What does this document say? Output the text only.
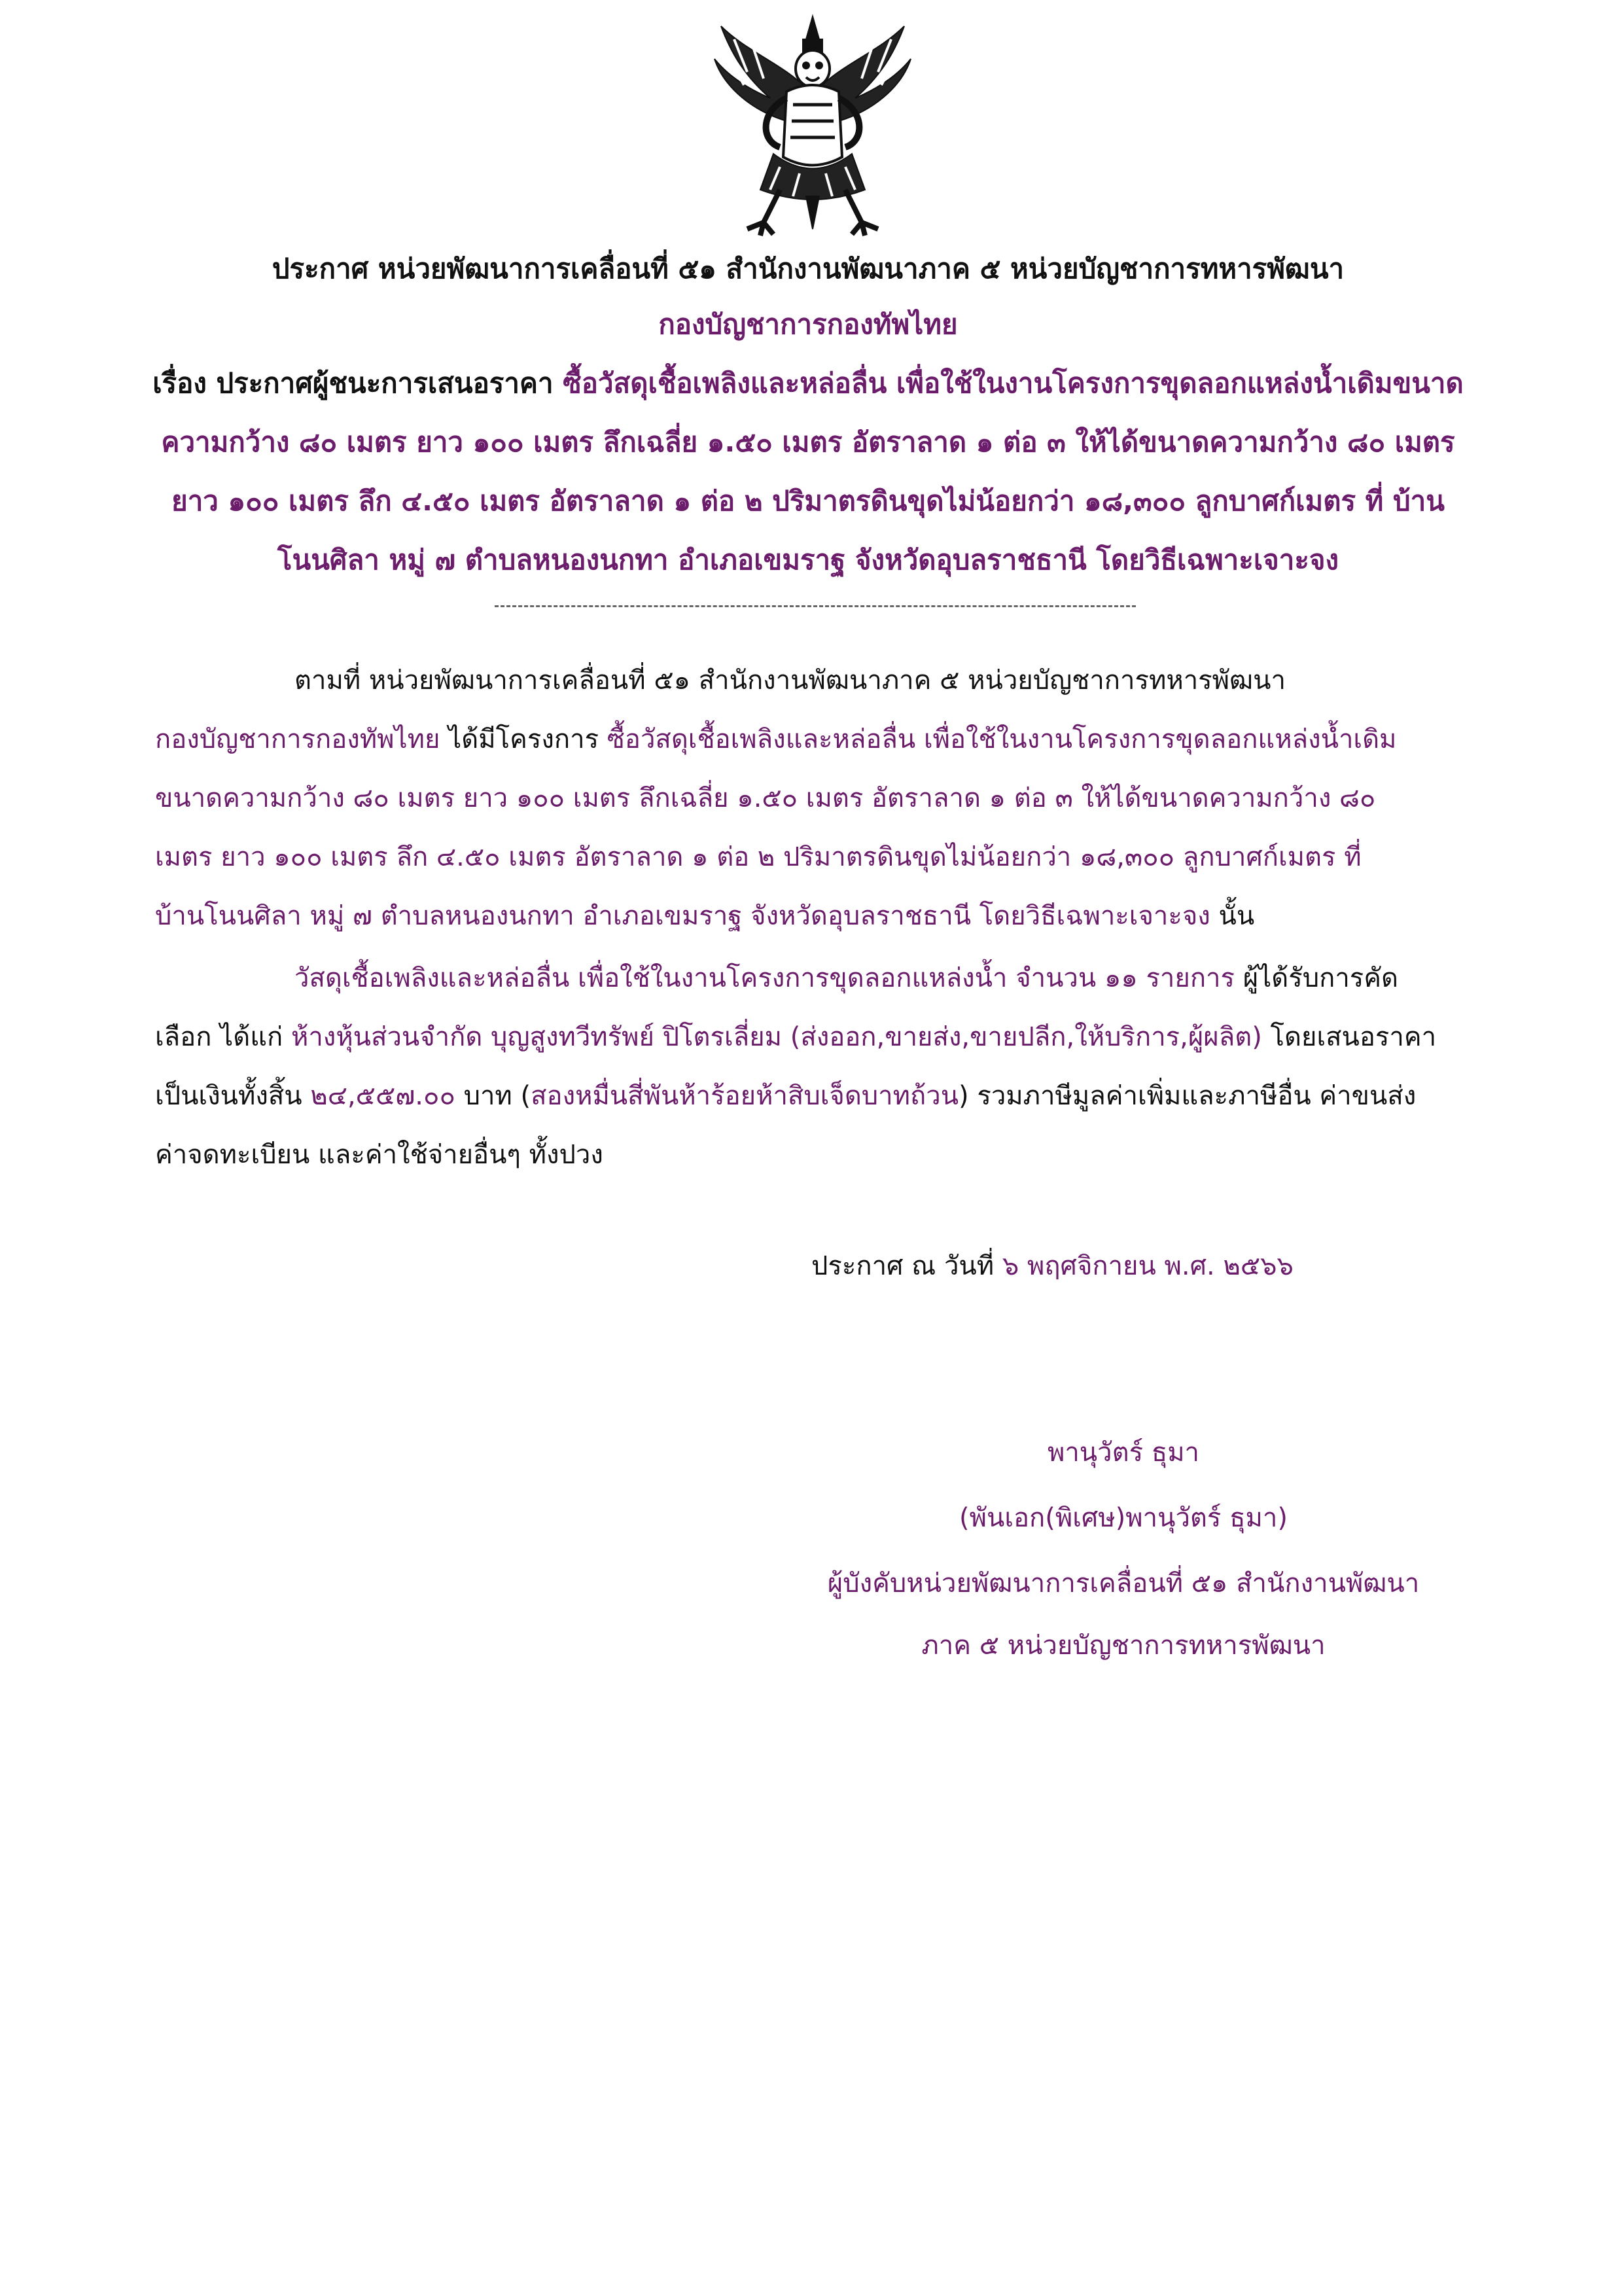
ประกาศ หน่วยพัฒนาการเคลื่อนที่ ๕๑ สำนักงานพัฒนาภาค ๕ หน่วยบัญชาการทหารพัฒนา
กองบัญชาการกองทัพไทย
เรื่อง ประกาศผู้ชนะการเสนอราคา ซื้อวัสดุเชื้อเพลิงและหล่อลื่น เพื่อใช้ในงานโครงการขุดลอกแหล่งน้ำเดิมขนาด
ความกว้าง ๘๐ เมตร ยาว ๑๐๐ เมตร ลึกเฉลี่ย ๑.๕๐ เมตร อัตราลาด ๑ ต่อ ๓ ให้ได้ขนาดความกว้าง ๘๐ เมตร
ยาว ๑๐๐ เมตร ลึก ๔.๕๐ เมตร อัตราลาด ๑ ต่อ ๒ ปริมาตรดินขุดไม่น้อยกว่า ๑๘,๓๐๐ ลูกบาศก์เมตร ที่ บ้าน
โนนศิลา หมู่ ๗ ตำบลหนองนกทา อำเภอเขมราฐ จังหวัดอุบลราชธานี โดยวิธีเฉพาะเจาะจง
ตามที่ หน่วยพัฒนาการเคลื่อนที่ ๕๑ สำนักงานพัฒนาภาค ๕ หน่วยบัญชาการทหารพัฒนา
กองบัญชาการกองทัพไทย ได้มีโครงการ ซื้อวัสดุเชื้อเพลิงและหล่อลื่น เพื่อใช้ในงานโครงการขุดลอกแหล่งน้ำเดิม
ขนาดความกว้าง ๘๐ เมตร ยาว ๑๐๐ เมตร ลึกเฉลี่ย ๑.๕๐ เมตร อัตราลาด ๑ ต่อ ๓ ให้ได้ขนาดความกว้าง ๘๐
เมตร ยาว ๑๐๐ เมตร ลึก ๔.๕๐ เมตร อัตราลาด ๑ ต่อ ๒ ปริมาตรดินขุดไม่น้อยกว่า ๑๘,๓๐๐ ลูกบาศก์เมตร ที่
บ้านโนนศิลา หมู่ ๗ ตำบลหนองนกทา อำเภอเขมราฐ จังหวัดอุบลราชธานี โดยวิธีเฉพาะเจาะจง นั้น
วัสดุเชื้อเพลิงและหล่อลื่น เพื่อใช้ในงานโครงการขุดลอกแหล่งน้ำ จำนวน ๑๑ รายการ ผู้ได้รับการคัด
เลือก ได้แก่ ห้างหุ้นส่วนจำกัด บุญสูงทวีทรัพย์ ปิโตรเลี่ยม (ส่งออก,ขายส่ง,ขายปลีก,ให้บริการ,ผู้ผลิต) โดยเสนอราคา
เป็นเงินทั้งสิ้น ๒๔,๕๕๗.๐๐ บาท (สองหมื่นสี่พันห้าร้อยห้าสิบเจ็ดบาทถ้วน) รวมภาษีมูลค่าเพิ่มและภาษีอื่น ค่าขนส่ง
ค่าจดทะเบียน และค่าใช้จ่ายอื่นๆ ทั้งปวง
ประกาศ ณ วันที่ ๖ พฤศจิกายน พ.ศ. ๒๕๖๖
พานุวัตร์ ธุมา
(พันเอก(พิเศษ)พานุวัตร์ ธุมา)
ผู้บังคับหน่วยพัฒนาการเคลื่อนที่ ๕๑ สำนักงานพัฒนา
ภาค ๕ หน่วยบัญชาการทหารพัฒนา
